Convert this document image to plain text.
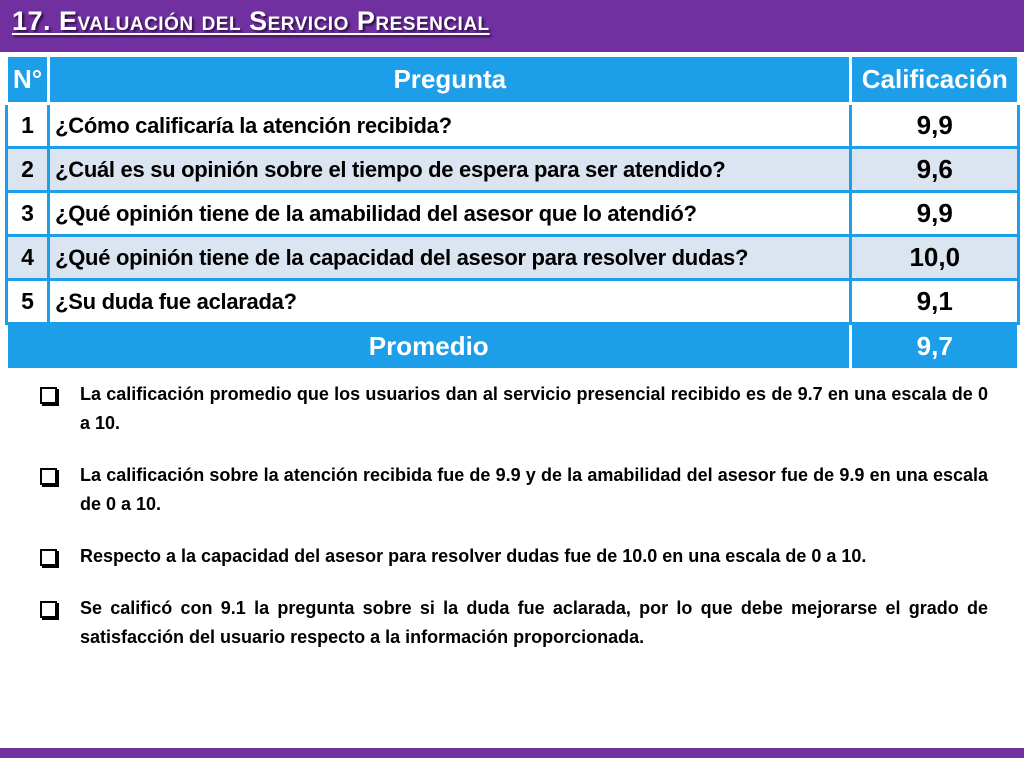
17. Evaluación del Servicio Presencial
N°	Pregunta	Calificación
1	¿Cómo calificaría la atención recibida?	9,9
2	¿Cuál es su opinión sobre el tiempo de espera para ser atendido?	9,6
3	¿Qué opinión tiene de la amabilidad del asesor que lo atendió?	9,9
4	¿Qué opinión tiene de la capacidad del asesor para resolver dudas?	10,0
5	¿Su duda fue aclarada?	9,1
Promedio		9,7
La calificación promedio que los usuarios dan al servicio presencial recibido es de 9.7 en una escala de 0 a 10.
La calificación sobre la atención recibida fue de 9.9 y de la amabilidad del asesor fue de 9.9 en una escala de 0 a 10.
Respecto a la capacidad del asesor para resolver dudas fue de 10.0 en una escala de 0 a 10.
Se calificó con 9.1 la pregunta sobre si la duda fue aclarada, por lo que debe mejorarse el grado de satisfacción del usuario respecto a la información proporcionada.
